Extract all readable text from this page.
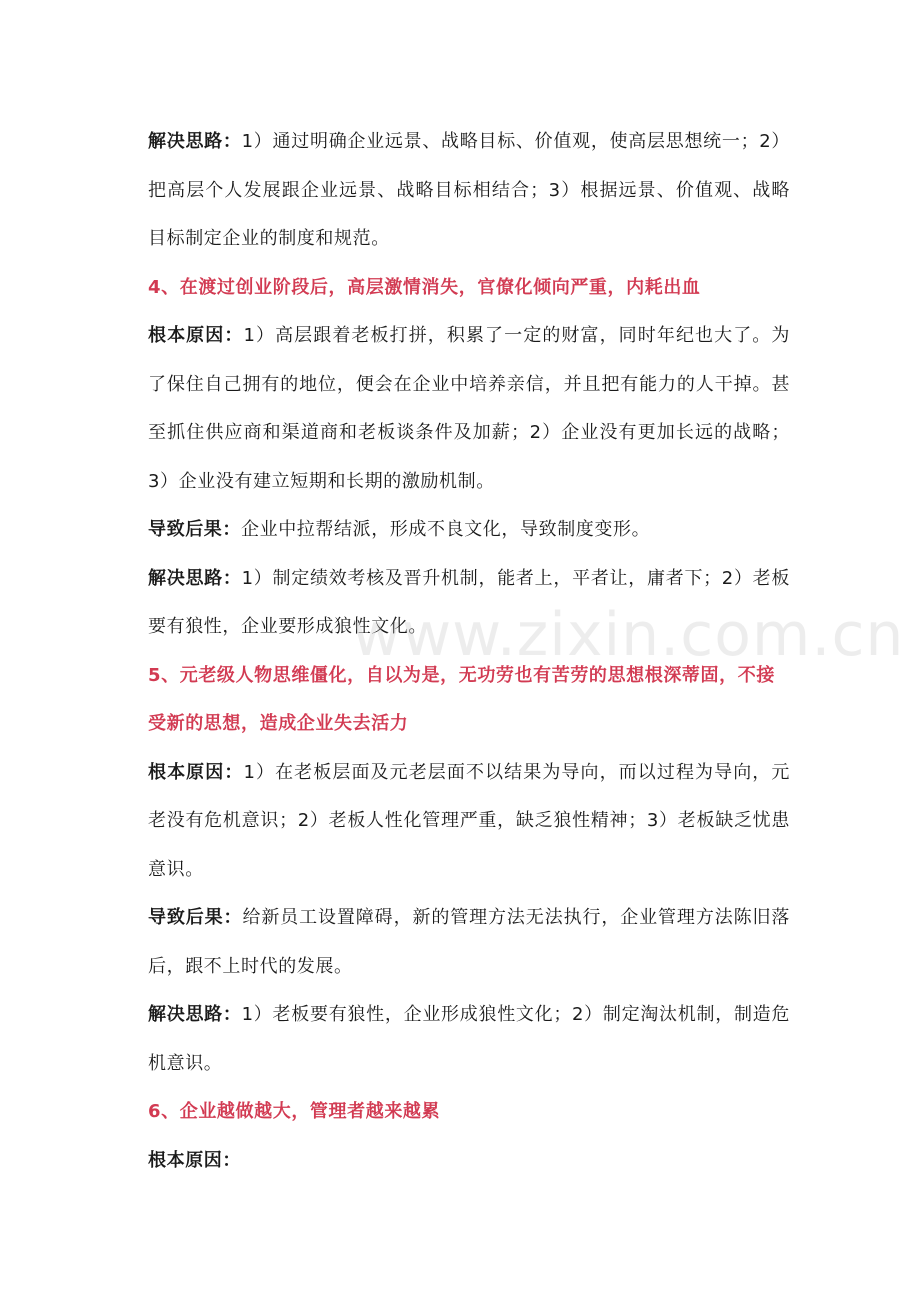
解决思路：1）通过明确企业远景、战略目标、价值观，使高层思想统一；2）把高层个人发展跟企业远景、战略目标相结合；3）根据远景、价值观、战略目标制定企业的制度和规范。

4、在渡过创业阶段后，高层激情消失，官僚化倾向严重，内耗出血

根本原因：1）高层跟着老板打拼，积累了一定的财富，同时年纪也大了。为了保住自己拥有的地位，便会在企业中培养亲信，并且把有能力的人干掉。甚至抓住供应商和渠道商和老板谈条件及加薪；2）企业没有更加长远的战略；3）企业没有建立短期和长期的激励机制。

导致后果：企业中拉帮结派，形成不良文化，导致制度变形。

解决思路：1）制定绩效考核及晋升机制，能者上，平者让，庸者下；2）老板要有狼性，企业要形成狼性文化。

5、元老级人物思维僵化，自以为是，无功劳也有苦劳的思想根深蒂固，不接受新的思想，造成企业失去活力

根本原因：1）在老板层面及元老层面不以结果为导向，而以过程为导向，元老没有危机意识；2）老板人性化管理严重，缺乏狼性精神；3）老板缺乏忧患意识。

导致后果：给新员工设置障碍，新的管理方法无法执行，企业管理方法陈旧落后，跟不上时代的发展。

解决思路：1）老板要有狼性，企业形成狼性文化；2）制定淘汰机制，制造危机意识。

6、企业越做越大，管理者越来越累

根本原因：

www.zixin.com.cn
